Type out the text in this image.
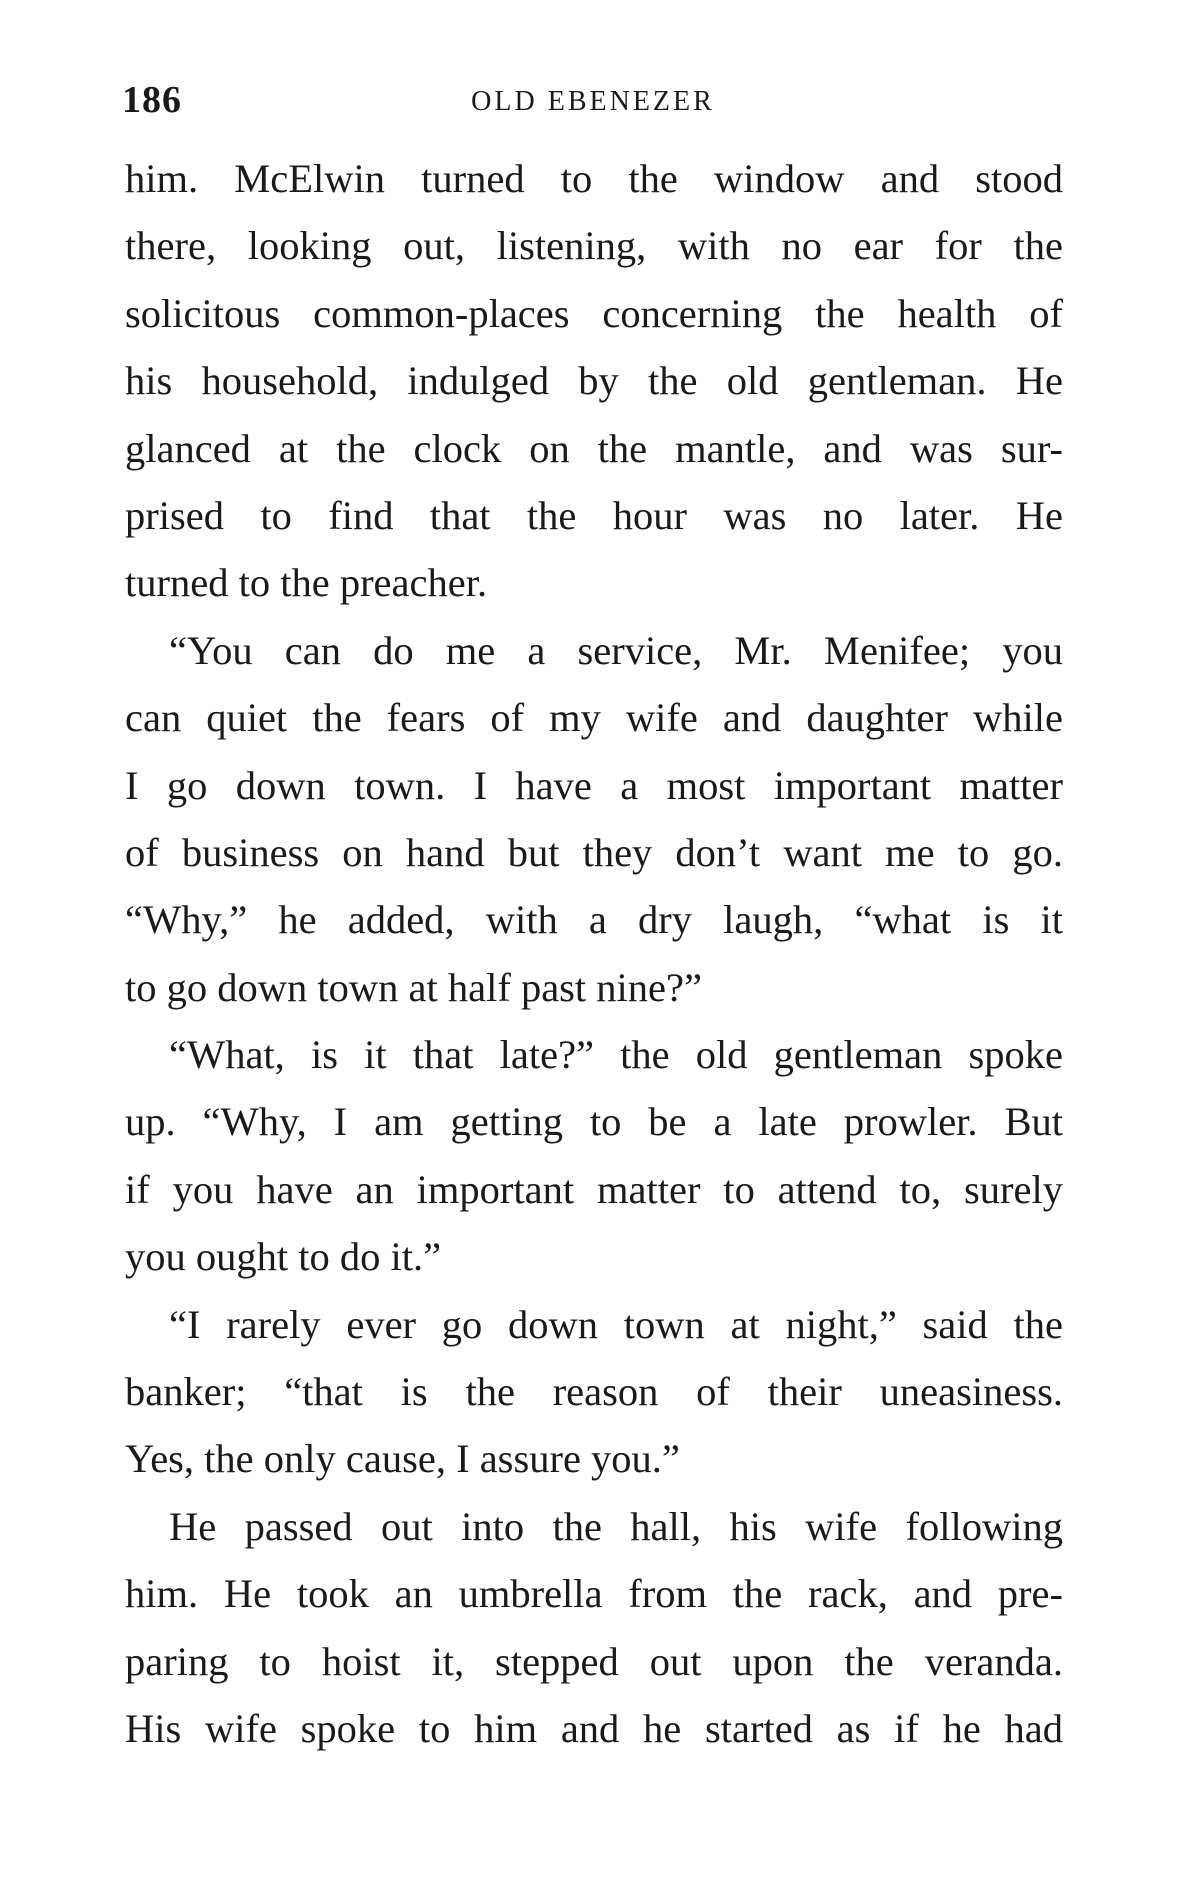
186	OLD EBENEZER
him. McElwin turned to the window and stood
there, looking out, listening, with no ear for the
solicitous common-places concerning the health of
his household, indulged by the old gentleman. He
glanced at the clock on the mantle, and was sur-
prised to find that the hour was no later. He
turned to the preacher.
“You can do me a service, Mr. Menifee; you
can quiet the fears of my wife and daughter while
I go down town. I have a most important matter
of business on hand but they don’t want me to go.
“Why,” he added, with a dry laugh, “what is it
to go down town at half past nine?”
“What, is it that late?” the old gentleman spoke
up. “Why, I am getting to be a late prowler. But
if you have an important matter to attend to, surely
you ought to do it.”
“I rarely ever go down town at night,” said the
banker; “that is the reason of their uneasiness.
Yes, the only cause, I assure you.”
He passed out into the hall, his wife following
him. He took an umbrella from the rack, and pre-
paring to hoist it, stepped out upon the veranda.
His wife spoke to him and he started as if he had
